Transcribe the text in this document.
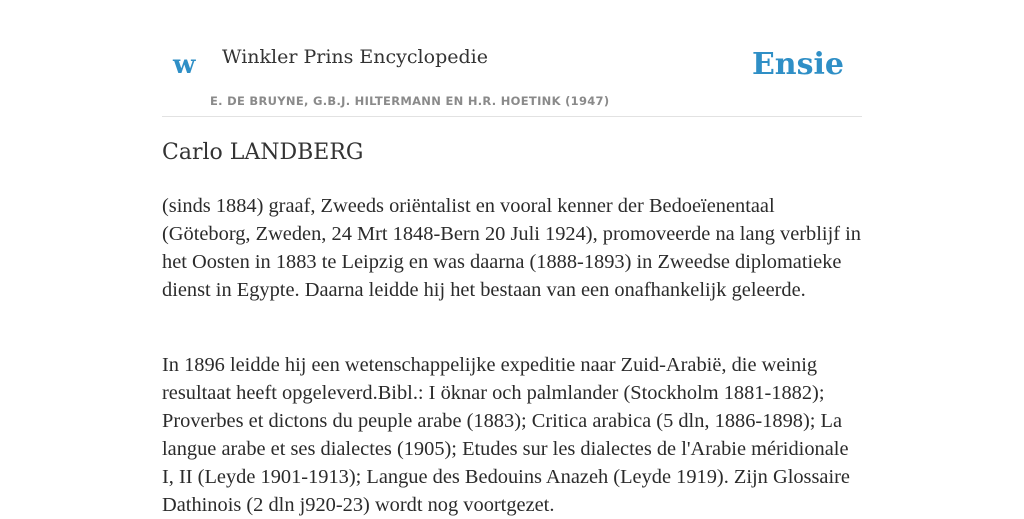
w Winkler Prins Encyclopedie
E. DE BRUYNE, G.B.J. HILTERMANN EN H.R. HOETINK (1947)
Ensie
Carlo LANDBERG

(sinds 1884) graaf, Zweeds oriëntalist en vooral kenner der Bedoeïenentaal (Göteborg, Zweden, 24 Mrt 1848-Bern 20 Juli 1924), promoveerde na lang verblijf in het Oosten in 1883 te Leipzig en was daarna (1888-1893) in Zweedse diplomatieke dienst in Egypte. Daarna leidde hij het bestaan van een onafhankelijk geleerde.

In 1896 leidde hij een wetenschappelijke expeditie naar Zuid-Arabië, die weinig resultaat heeft opgeleverd.Bibl.: I öknar och palmlander (Stockholm 1881-1882); Proverbes et dictons du peuple arabe (1883); Critica arabica (5 dln, 1886-1898); La langue arabe et ses dialectes (1905); Etudes sur les dialectes de l'Arabie méridionale I, II (Leyde 1901-1913); Langue des Bedouins Anazeh (Leyde 1919). Zijn Glossaire Dathinois (2 dln j920-23) wordt nog voortgezet.
